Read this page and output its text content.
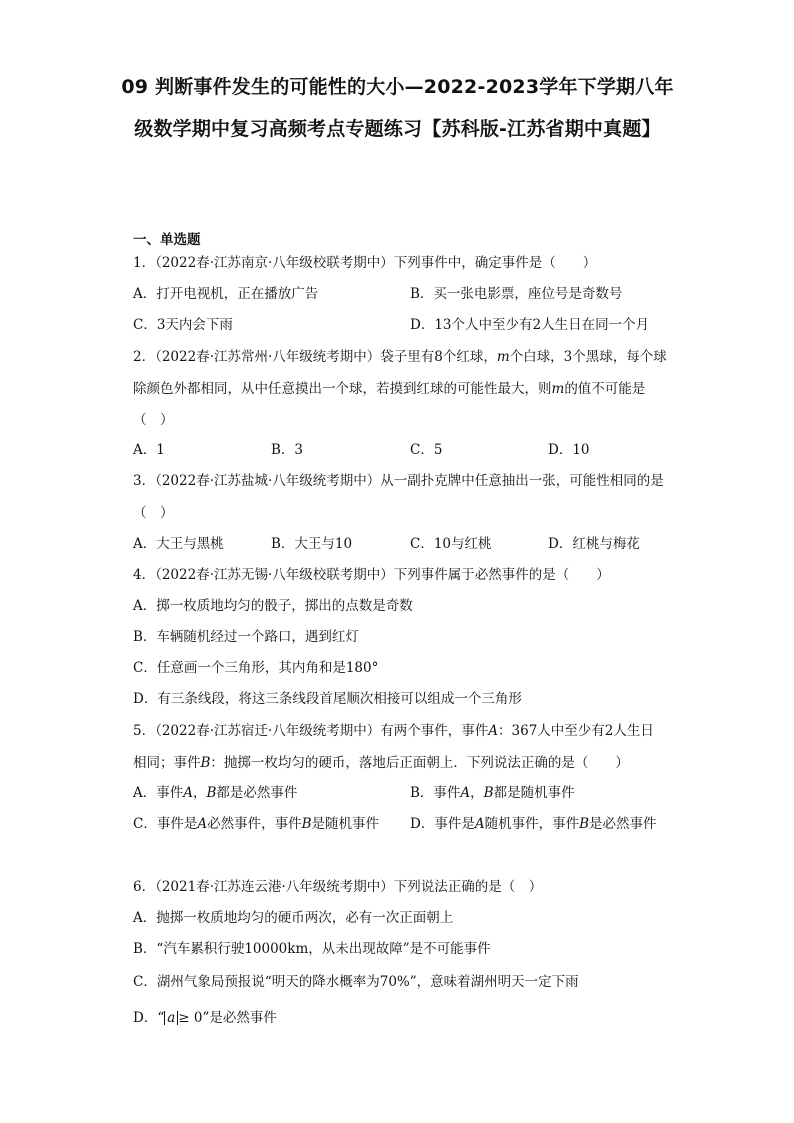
09 判断事件发生的可能性的大小—2022-2023学年下学期八年级数学期中复习高频考点专题练习【苏科版-江苏省期中真题】
一、单选题
1．（2022春·江苏南京·八年级校联考期中）下列事件中，确定事件是（　　）
A．打开电视机，正在播放广告	B．买一张电影票，座位号是奇数号
C．3天内会下雨	D．13个人中至少有2人生日在同一个月
2．（2022春·江苏常州·八年级统考期中）袋子里有8个红球，m个白球，3个黑球，每个球除颜色外都相同，从中任意摸出一个球，若摸到红球的可能性最大，则m的值不可能是（　）
A．1	B．3	C．5	D．10
3．（2022春·江苏盐城·八年级统考期中）从一副扑克牌中任意抽出一张，可能性相同的是（　）
A．大王与黑桃	B．大王与10	C．10与红桃	D．红桃与梅花
4．（2022春·江苏无锡·八年级校联考期中）下列事件属于必然事件的是（　　）
A．掷一枚质地均匀的骰子，掷出的点数是奇数
B．车辆随机经过一个路口，遇到红灯
C．任意画一个三角形，其内角和是180°
D．有三条线段，将这三条线段首尾顺次相接可以组成一个三角形
5．（2022春·江苏宿迁·八年级统考期中）有两个事件，事件A：367人中至少有2人生日相同；事件B：抛掷一枚均匀的硬币，落地后正面朝上．下列说法正确的是（　　）
A．事件A，B都是必然事件	B．事件A，B都是随机事件
C．事件是A必然事件，事件B是随机事件 D．事件是A随机事件，事件B是必然事件
6．（2021春·江苏连云港·八年级统考期中）下列说法正确的是（　）
A．抛掷一枚质地均匀的硬币两次，必有一次正面朝上
B．“汽车累积行驶10000km，从未出现故障”是不可能事件
C．湖州气象局预报说“明天的降水概率为70%”，意味着湖州明天一定下雨
D．“ a ≥ 0”是必然事件
